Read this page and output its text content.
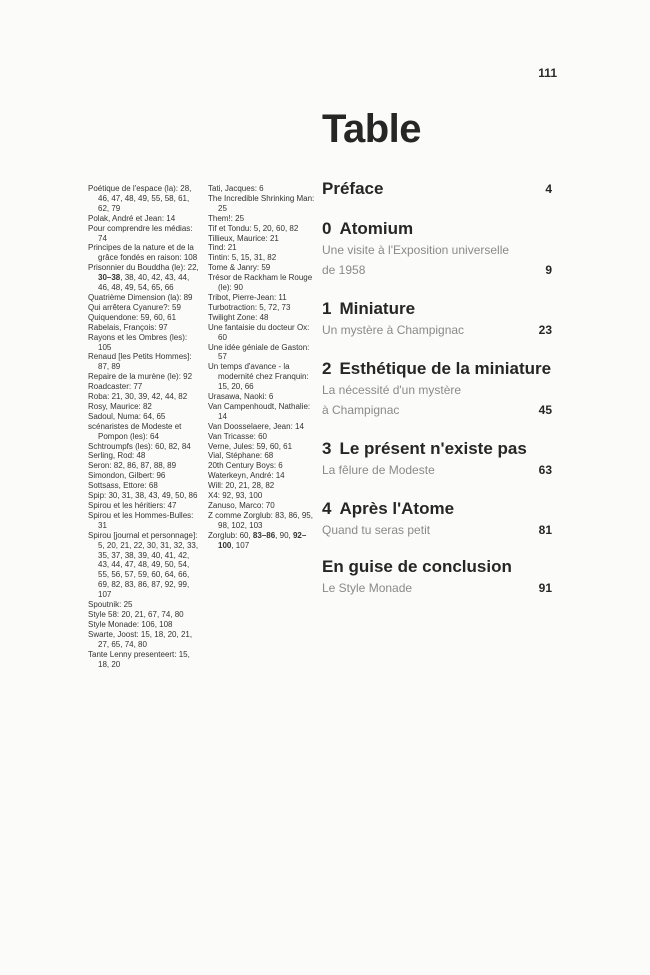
111
Table
Poétique de l'espace (la): 28, 46, 47, 48, 49, 55, 58, 61, 62, 79
Polak, André et Jean: 14
Pour comprendre les médias: 74
Principes de la nature et de la grâce fondés en raison: 108
Prisonnier du Bouddha (le): 22, 30–38, 38, 40, 42, 43, 44, 46, 48, 49, 54, 65, 66
Quatrième Dimension (la): 89
Qui arrêtera Cyanure?: 59
Quiquendone: 59, 60, 61
Rabelais, François: 97
Rayons et les Ombres (les): 105
Renaud [les Petits Hommes]: 87, 89
Repaire de la murène (le): 92
Roadcaster: 77
Roba: 21, 30, 39, 42, 44, 82
Rosy, Maurice: 82
Sadoul, Numa: 64, 65
scénaristes de Modeste et Pompon (les): 64
Schtroumpfs (les): 60, 82, 84
Serling, Rod: 48
Seron: 82, 86, 87, 88, 89
Simondon, Gilbert: 96
Sottsass, Ettore: 68
Spip: 30, 31, 38, 43, 49, 50, 86
Spirou et les héritiers: 47
Spirou et les Hommes-Bulles: 31
Spirou [journal et personnage]: 5, 20, 21, 22, 30, 31, 32, 33, 35, 37, 38, 39, 40, 41, 42, 43, 44, 47, 48, 49, 50, 54, 55, 56, 57, 59, 60, 64, 66, 69, 82, 83, 86, 87, 92, 99, 107
Spoutnik: 25
Style 58: 20, 21, 67, 74, 80
Style Monade: 106, 108
Swarte, Joost: 15, 18, 20, 21, 27, 65, 74, 80
Tante Lenny presenteert: 15, 18, 20
Tati, Jacques: 6
The Incredible Shrinking Man: 25
Them!: 25
Tif et Tondu: 5, 20, 60, 82
Tillieux, Maurice: 21
Tind: 21
Tintin: 5, 15, 31, 82
Tome & Janry: 59
Trésor de Rackham le Rouge (le): 90
Tribot, Pierre-Jean: 11
Turbotraction: 5, 72, 73
Twilight Zone: 48
Une fantaisie du docteur Ox: 60
Une idée géniale de Gaston: 57
Un temps d'avance - la modernité chez Franquin: 15, 20, 66
Urasawa, Naoki: 6
Van Campenhoudt, Nathalie: 14
Van Doosselaere, Jean: 14
Van Tricasse: 60
Verne, Jules: 59, 60, 61
Vial, Stéphane: 68
20th Century Boys: 6
Waterkeyn, André: 14
Will: 20, 21, 28, 82
X4: 92, 93, 100
Zanuso, Marco: 70
Z comme Zorglub: 83, 86, 95, 98, 102, 103
Zorglub: 60, 83–86, 90, 92–100, 107
Préface	4
0 Atomium
Une visite à l'Exposition universelle
de 1958	9
1 Miniature
Un mystère à Champignac	23
2 Esthétique de la miniature
La nécessité d'un mystère
à Champignac	45
3 Le présent n'existe pas
La fêlure de Modeste	63
4 Après l'Atome
Quand tu seras petit	81
En guise de conclusion
Le Style Monade	91
